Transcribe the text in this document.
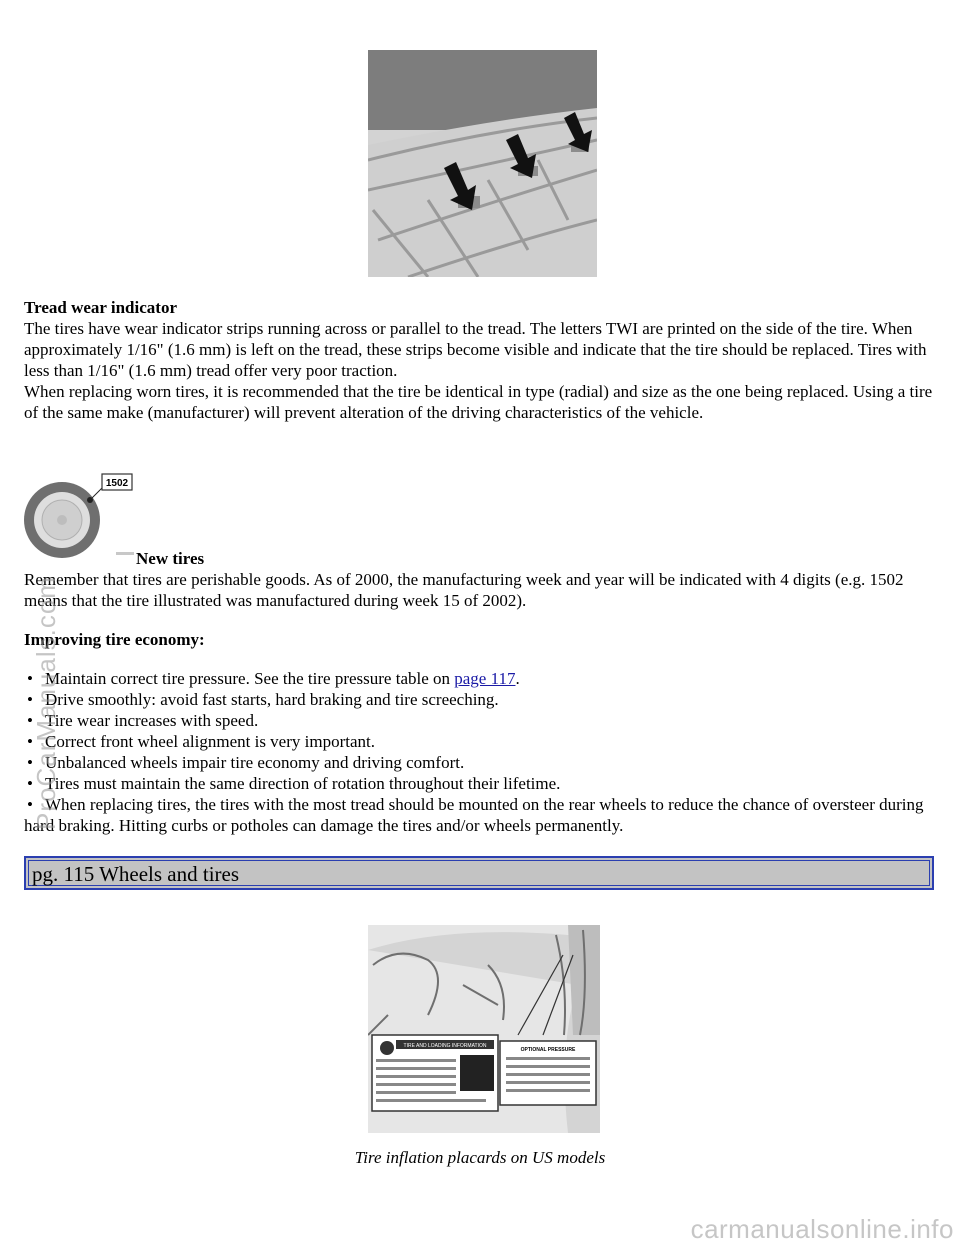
Tread wear indicator
The tires have wear indicator strips running across or parallel to the tread. The letters TWI are printed on the side of the tire. When approximately 1/16" (1.6 mm) is left on the tread, these strips become visible and indicate that the tire should be replaced. Tires with less than 1/16" (1.6 mm) tread offer very poor traction.
When replacing worn tires, it is recommended that the tire be identical in type (radial) and size as the one being replaced. Using a tire of the same make (manufacturer) will prevent alteration of the driving characteristics of the vehicle.
1502
New tires
Remember that tires are perishable goods. As of 2000, the manufacturing week and year will be indicated with 4 digits (e.g. 1502 means that the tire illustrated was manufactured during week 15 of 2002).
Improving tire economy:
• Maintain correct tire pressure. See the tire pressure table on page 117.
• Drive smoothly: avoid fast starts, hard braking and tire screeching.
• Tire wear increases with speed.
• Correct front wheel alignment is very important.
• Unbalanced wheels impair tire economy and driving comfort.
• Tires must maintain the same direction of rotation throughout their lifetime.
• When replacing tires, the tires with the most tread should be mounted on the rear wheels to reduce the chance of oversteer during hard braking. Hitting curbs or potholes can damage the tires and/or wheels permanently.
pg. 115 Wheels and tires
TIRE AND LOADING INFORMATION
OPTIONAL PRESSURE
Tire inflation placards on US models
ProCarManuals.com
carmanualsonline.info
